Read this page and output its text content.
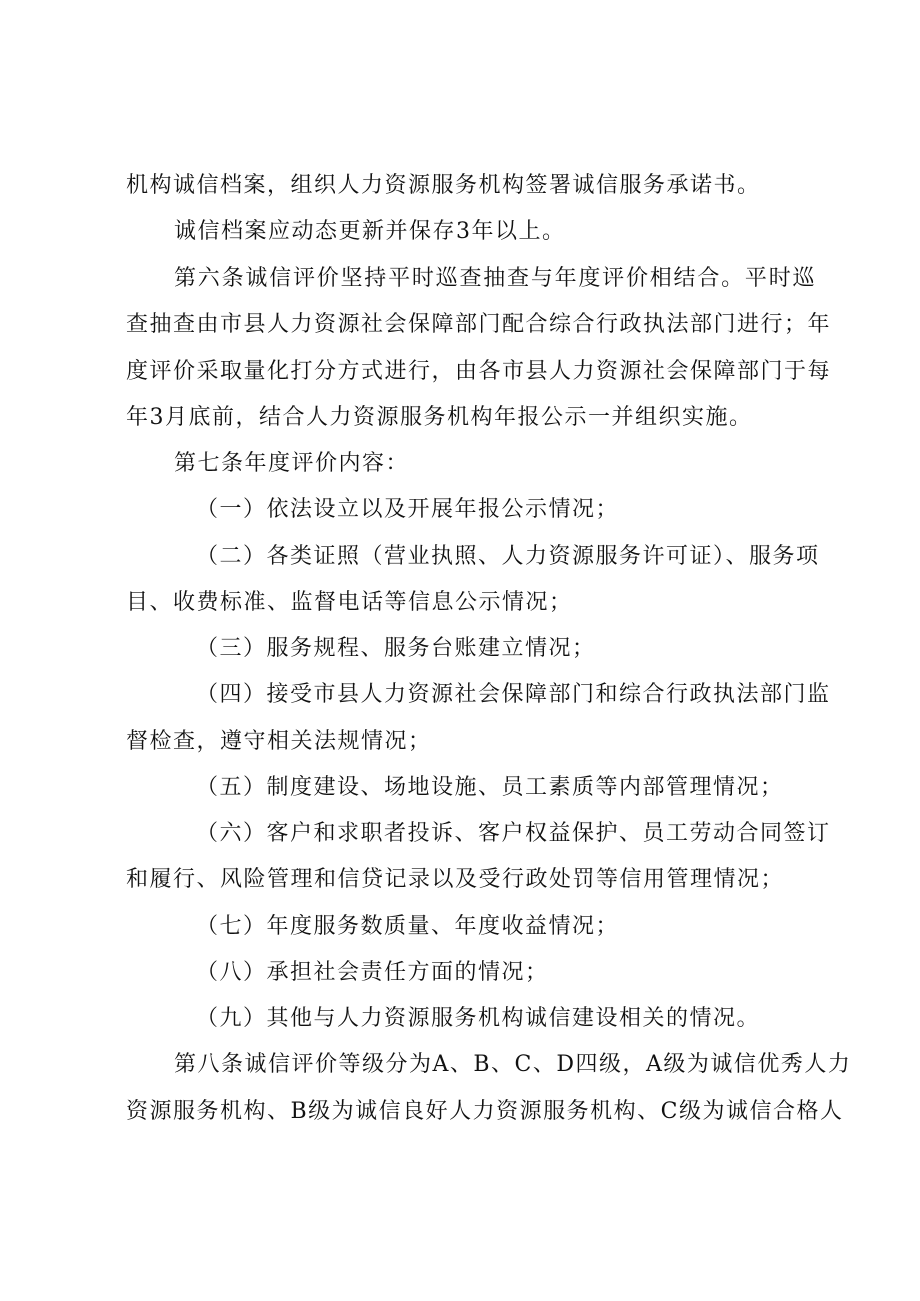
机构诚信档案，组织人力资源服务机构签署诚信服务承诺书。
诚信档案应动态更新并保存3年以上。
第六条诚信评价坚持平时巡查抽查与年度评价相结合。平时巡
查抽查由市县人力资源社会保障部门配合综合行政执法部门进行；年
度评价采取量化打分方式进行，由各市县人力资源社会保障部门于每
年3月底前，结合人力资源服务机构年报公示一并组织实施。
第七条年度评价内容：
（一）依法设立以及开展年报公示情况；
（二）各类证照（营业执照、人力资源服务许可证）、服务项
目、收费标准、监督电话等信息公示情况；
（三）服务规程、服务台账建立情况；
（四）接受市县人力资源社会保障部门和综合行政执法部门监
督检查，遵守相关法规情况；
（五）制度建设、场地设施、员工素质等内部管理情况；
（六）客户和求职者投诉、客户权益保护、员工劳动合同签订
和履行、风险管理和信贷记录以及受行政处罚等信用管理情况；
（七）年度服务数质量、年度收益情况；
（八）承担社会责任方面的情况；
（九）其他与人力资源服务机构诚信建设相关的情况。
第八条诚信评价等级分为A、B、C、D四级，A级为诚信优秀人力
资源服务机构、B级为诚信良好人力资源服务机构、C级为诚信合格人
